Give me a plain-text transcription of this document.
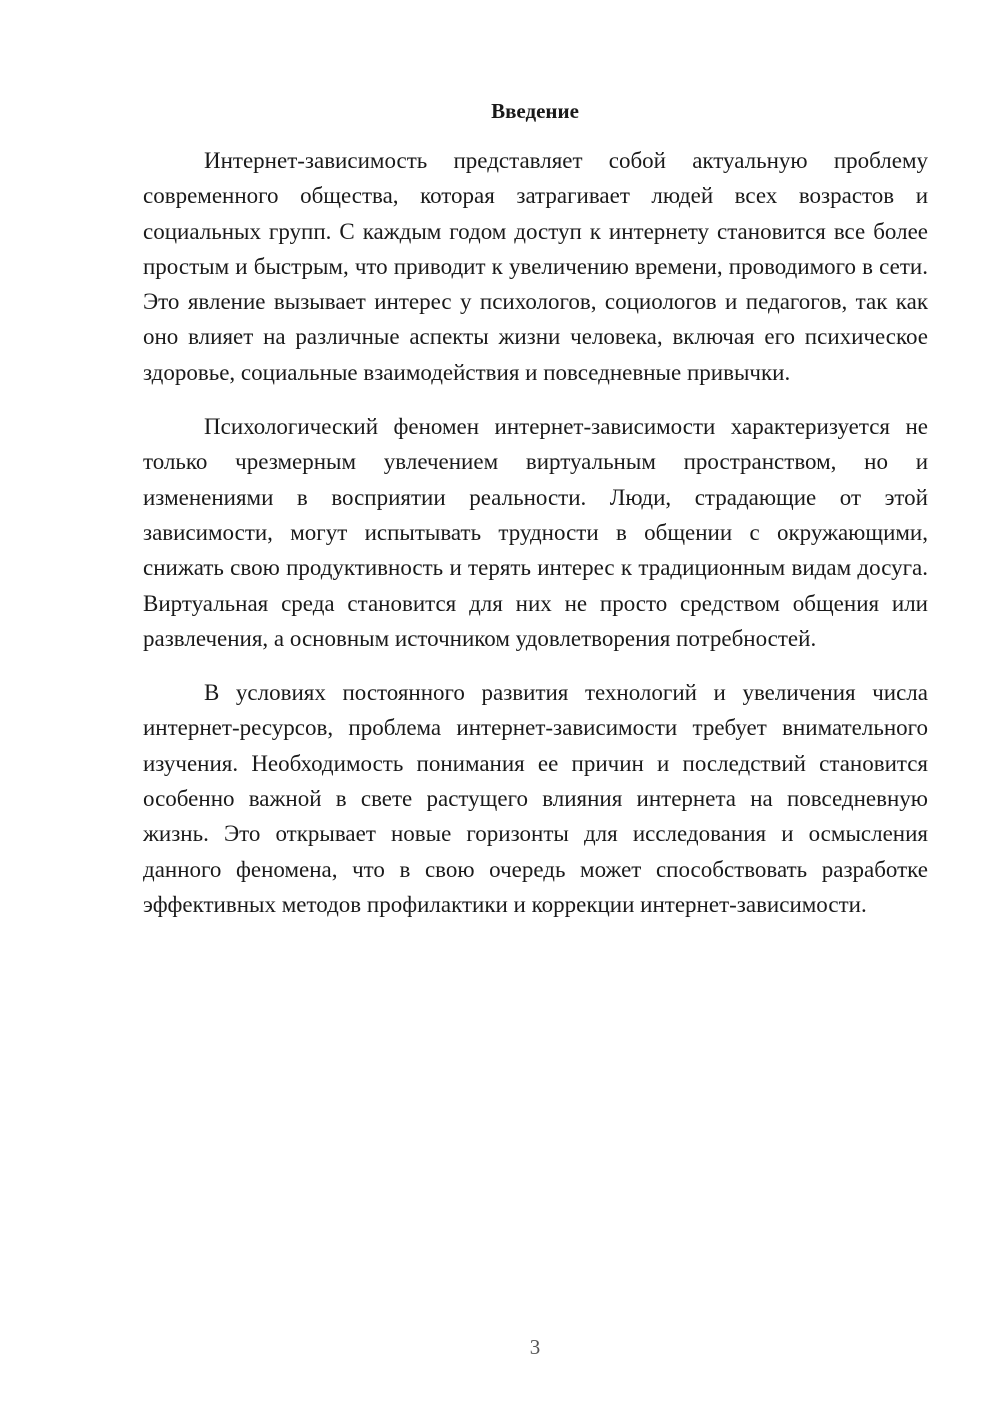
Введение

Интернет-зависимость представляет собой актуальную проблему современного общества, которая затрагивает людей всех возрастов и социальных групп. С каждым годом доступ к интернету становится все более простым и быстрым, что приводит к увеличению времени, проводимого в сети. Это явление вызывает интерес у психологов, социологов и педагогов, так как оно влияет на различные аспекты жизни человека, включая его психическое здоровье, социальные взаимодействия и повседневные привычки.

Психологический феномен интернет-зависимости характеризуется не только чрезмерным увлечением виртуальным пространством, но и изменениями в восприятии реальности. Люди, страдающие от этой зависимости, могут испытывать трудности в общении с окружающими, снижать свою продуктивность и терять интерес к традиционным видам досуга. Виртуальная среда становится для них не просто средством общения или развлечения, а основным источником удовлетворения потребностей.

В условиях постоянного развития технологий и увеличения числа интернет-ресурсов, проблема интернет-зависимости требует внимательного изучения. Необходимость понимания ее причин и последствий становится особенно важной в свете растущего влияния интернета на повседневную жизнь. Это открывает новые горизонты для исследования и осмысления данного феномена, что в свою очередь может способствовать разработке эффективных методов профилактики и коррекции интернет-зависимости.

3
